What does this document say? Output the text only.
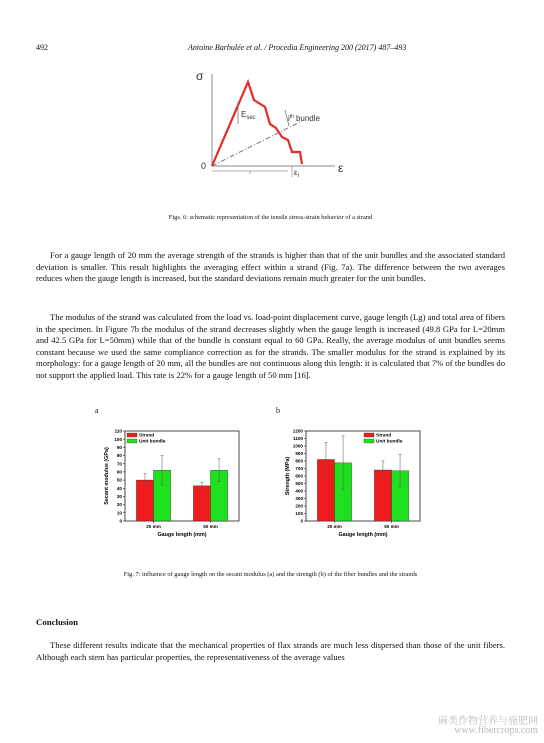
492	Antoine Barbulée et al. / Procedia Engineering 200 (2017) 487–493
σ
ε
0
$E_{sec}$	$i^{th}$ bundle
$\varepsilon_i$
Figs. 6: schematic representation of the tensile stress-strain behavior of a strand

For a gauge length of 20 mm the average strength of the strands is higher than that of the unit bundles and the associated standard deviation is smaller. This result highlights the averaging effect within a strand (Fig. 7a). The difference between the two averages reduces when the gauge length is increased, but the standard deviations remain much greater for the unit bundles.

The modulus of the strand was calculated from the load vs. load-point displacement curve, gauge length (Lg) and total area of fibers in the specimen. In Figure 7b the modulus of the strand decreases slightly when the gauge length is increased (49.8 GPa for L=20mm and 42.5 GPa for L=50mm) while that of the bundle is constant equal to 60 GPa. Really, the average modulus of unit bundles seems constant because we used the same compliance correction as for the strands. The smaller modulus for the strand is explained by its morphology: for a gauge length of 20 mm, all the bundles are not continuous along this length: it is calculated that 7% of the bundles do not support the applied load. This rate is 22% for a gauge length of 50 mm [16].

a	b
0
10
20
30
40
50
60
70
80
90
100
110
20 mm	50 mm
Gauge length (mm)
Secant modulus (GPa)
Strand
Unit bundle
0
100
200
300
400
500
600
700
800
900
1000
1100
1200
20 mm	50 mm
Gauge length (mm)
Strength (MPa)
Strand
Unit bundle
Fig. 7: influence of gauge length on the secant modulus (a) and the strength (b) of the fiber bundles and the strands
Conclusion

These different results indicate that the mechanical properties of flax strands are much less dispersed than those of the unit fibers. Although each stem has particular properties, the representativeness of the average values

麻类作物营养与施肥网
www.fibercrops.com
